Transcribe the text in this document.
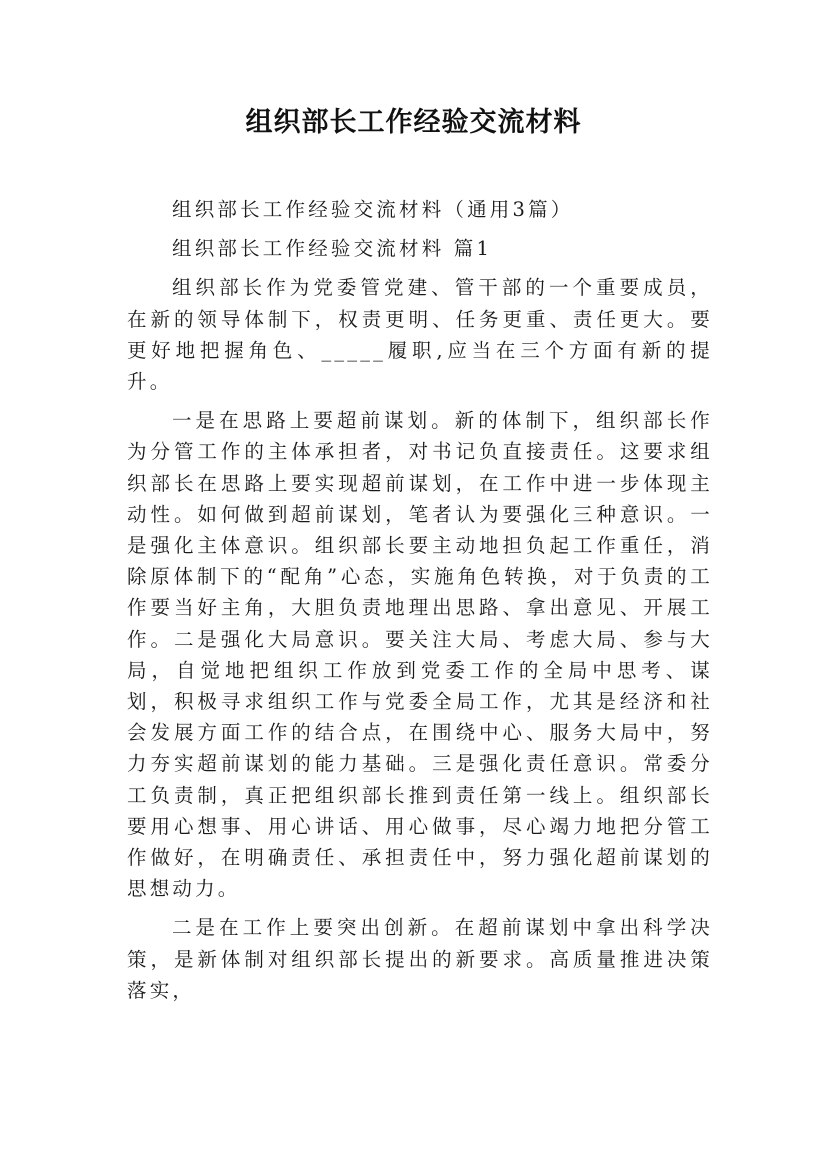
组织部长工作经验交流材料

组织部长工作经验交流材料（通用3篇）

组织部长工作经验交流材料 篇1

组织部长作为党委管党建、管干部的一个重要成员，在新的领导体制下，权责更明、任务更重、责任更大。要更好地把握角色、_____履职,应当在三个方面有新的提升。

一是在思路上要超前谋划。新的体制下，组织部长作为分管工作的主体承担者，对书记负直接责任。这要求组织部长在思路上要实现超前谋划，在工作中进一步体现主动性。如何做到超前谋划，笔者认为要强化三种意识。一是强化主体意识。组织部长要主动地担负起工作重任，消除原体制下的“配角”心态，实施角色转换，对于负责的工作要当好主角，大胆负责地理出思路、拿出意见、开展工作。二是强化大局意识。要关注大局、考虑大局、参与大局，自觉地把组织工作放到党委工作的全局中思考、谋划，积极寻求组织工作与党委全局工作，尤其是经济和社会发展方面工作的结合点，在围绕中心、服务大局中，努力夯实超前谋划的能力基础。三是强化责任意识。常委分工负责制，真正把组织部长推到责任第一线上。组织部长要用心想事、用心讲话、用心做事，尽心竭力地把分管工作做好，在明确责任、承担责任中，努力强化超前谋划的思想动力。

二是在工作上要突出创新。在超前谋划中拿出科学决策，是新体制对组织部长提出的新要求。高质量推进决策落实，
